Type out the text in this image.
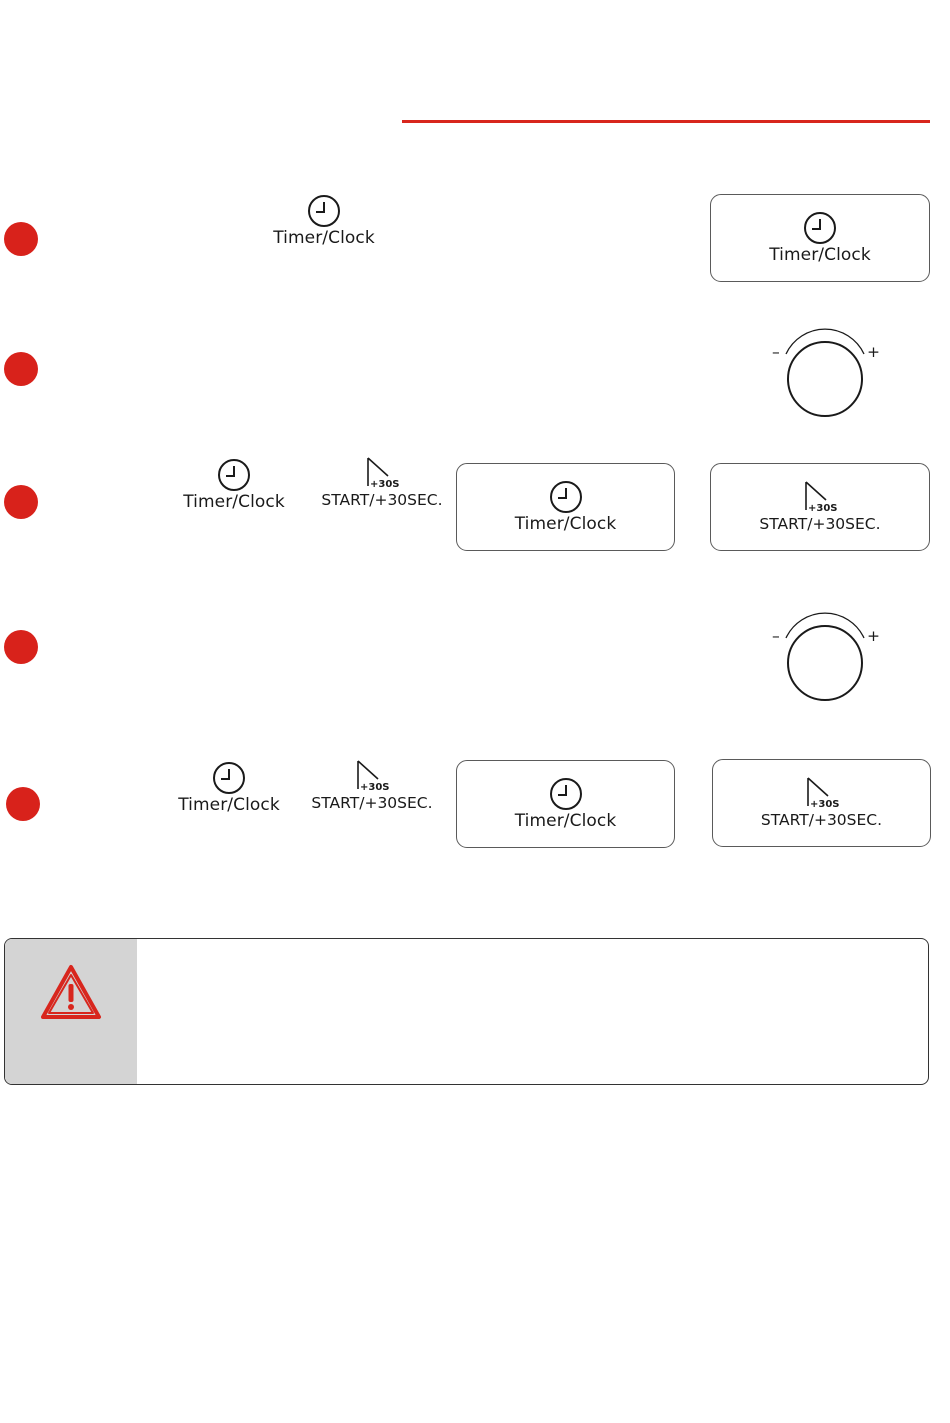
Timer/Clock
Timer/Clock
–	+
Timer/Clock
+30S
START/+30SEC.
Timer/Clock
+30S
START/+30SEC.
–	+
Timer/Clock
+30S
START/+30SEC.
Timer/Clock
+30S
START/+30SEC.
